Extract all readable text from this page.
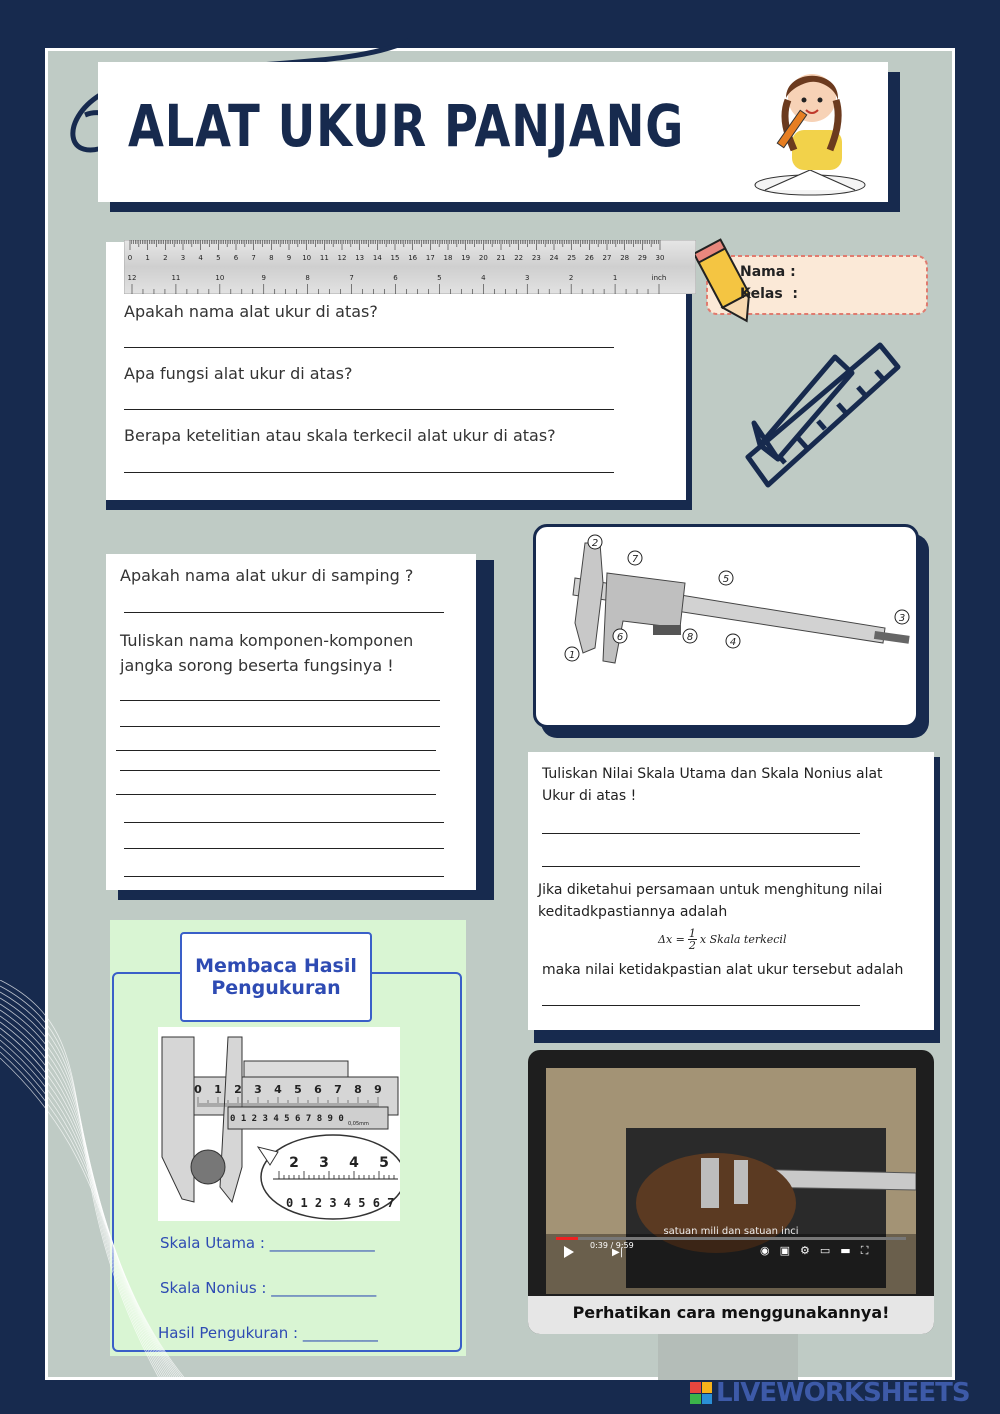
ALAT UKUR PANJANG
0 1 2 3 4 5 6 7 8 9 10 11 12 13 14 15 16 17 18 19 20 21 22 23 24 25 26 27 28 29 30
12	11	10	9	8	7	6	5	4	3	2	1	inch
Apakah nama alat ukur di atas?
Apa fungsi alat ukur di atas?
Berapa ketelitian atau skala terkecil alat ukur di atas?
Nama :
Kelas  :
1
2
3
4
5
6
7
8
Apakah nama alat ukur di samping ?
Tuliskan nama komponen-komponen
jangka sorong beserta fungsinya !
Tuliskan Nilai Skala Utama dan Skala Nonius alat
Ukur di atas !
Jika diketahui persamaan untuk menghitung nilai
keditadkpastiannya adalah
$\Delta x = \frac{1}{2}$ x Skala terkecil
maka nilai ketidakpastian alat ukur tersebut adalah
Membaca Hasil
Pengukuran
0 1 2 3 4 5 6 7 8 9
0 1 2 3 4 5 6 7 8 9 0 0,05mm
2 3 4 5
0 1 2 3 4 5 6 7
Skala Utama : ______________
Skala Nonius : ______________
Hasil Pengukuran : __________
satuan mili dan satuan inci
0:39 / 9:59
▶|	◉ ▣ ⚙ ▭ ▬ ⛶
Perhatikan cara menggunakannya!
LIVEWORKSHEETS
